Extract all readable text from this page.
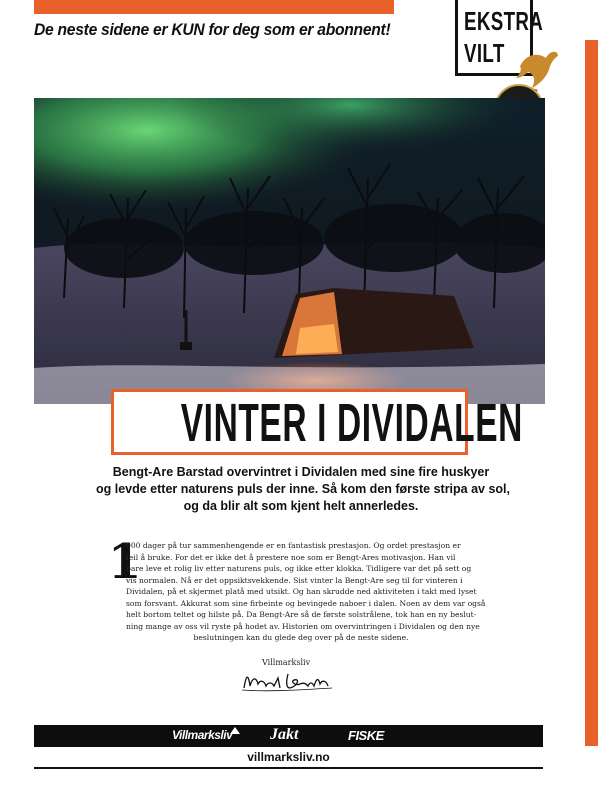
De neste sidene er KUN for deg som er abonnent!	EKSTRA
VILT
VINTER I DIVIDALEN
Bengt-Are Barstad overvintret i Dividalen med sine fire huskyer
og levde etter naturens puls der inne. Så kom den første stripa av sol,
og da blir alt som kjent helt annerledes.
1
000 dager på tur sammenhengende er en fantastisk prestasjon. Og ordet prestasjon er
feil å bruke. For det er ikke det å prestere noe som er Bengt-Ares motivasjon. Han vil
bare leve et rolig liv etter naturens puls, og ikke etter klokka. Tidligere var det på sett og
vis normalen. Nå er det oppsiktsvekkende. Sist vinter la Bengt-Are seg til for vinteren i
Dividalen, på et skjermet platå med utsikt. Og han skrudde ned aktiviteten i takt med lyset
som forsvant. Akkurat som sine firbeinte og bevingede naboer i dalen. Noen av dem var også
helt bortom teltet og hilste på. Da Bengt-Are så de første solstrålene, tok han en ny beslut-
ning mange av oss vil ryste på hodet av. Historien om overvintringen i Dividalen og den nye
beslutningen kan du glede deg over på de neste sidene.
Villmarksliv
Villmarksliv Jakt	FISKE
villmarksliv.no
